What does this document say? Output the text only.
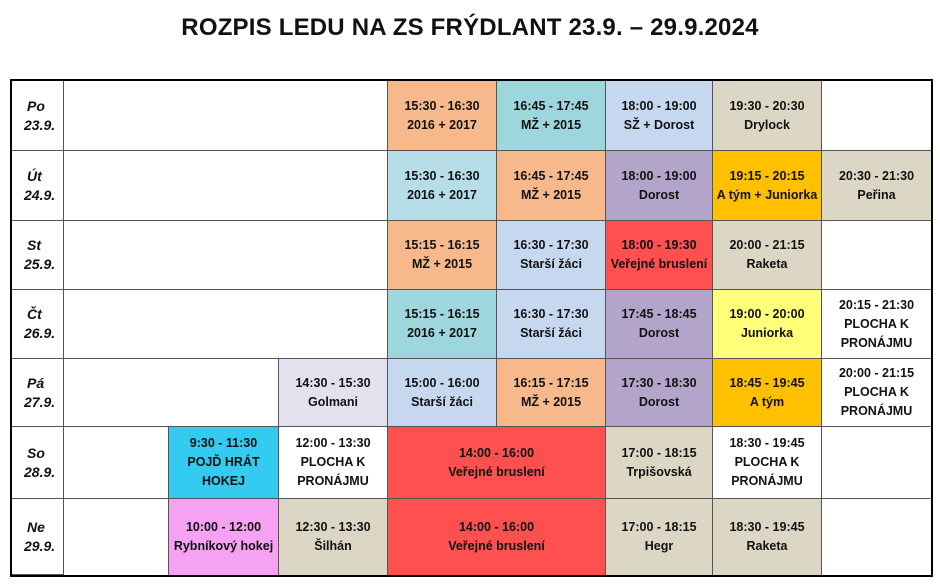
ROZPIS LEDU NA ZS FRÝDLANT 23.9. – 29.9.2024
Po
23.9.
Út
24.9.
St
25.9.
Čt
26.9.
Pá
27.9.
So
28.9.
Ne
29.9.
15:30 - 16:30
2016 + 2017
16:45 - 17:45
MŽ + 2015
18:00 - 19:00
SŽ + Dorost
19:30 - 20:30
Drylock
15:30 - 16:30
2016 + 2017
16:45 - 17:45
MŽ + 2015
18:00 - 19:00
Dorost
19:15 - 20:15
A tým + Juniorka
20:30 - 21:30
Peřina
15:15 - 16:15
MŽ + 2015
16:30 - 17:30
Starší žáci
18:00 - 19:30
Veřejné bruslení
20:00 - 21:15
Raketa
15:15 - 16:15
2016 + 2017
16:30 - 17:30
Starší žáci
17:45 - 18:45
Dorost
19:00 - 20:00
Juniorka
20:15 - 21:30
PLOCHA K
PRONÁJMU
14:30 - 15:30
Golmani
15:00 - 16:00
Starší žáci
16:15 - 17:15
MŽ + 2015
17:30 - 18:30
Dorost
18:45 - 19:45
A tým
20:00 - 21:15
PLOCHA K
PRONÁJMU
9:30 - 11:30
POJĎ HRÁT HOKEJ
12:00 - 13:30
PLOCHA K
PRONÁJMU
14:00 - 16:00
Veřejné bruslení
17:00 - 18:15
Trpišovská
18:30 - 19:45
PLOCHA K
PRONÁJMU
10:00 - 12:00
Rybníkový hokej
12:30 - 13:30
Šilhán
14:00 - 16:00
Veřejné bruslení
17:00 - 18:15
Hegr
18:30 - 19:45
Raketa
